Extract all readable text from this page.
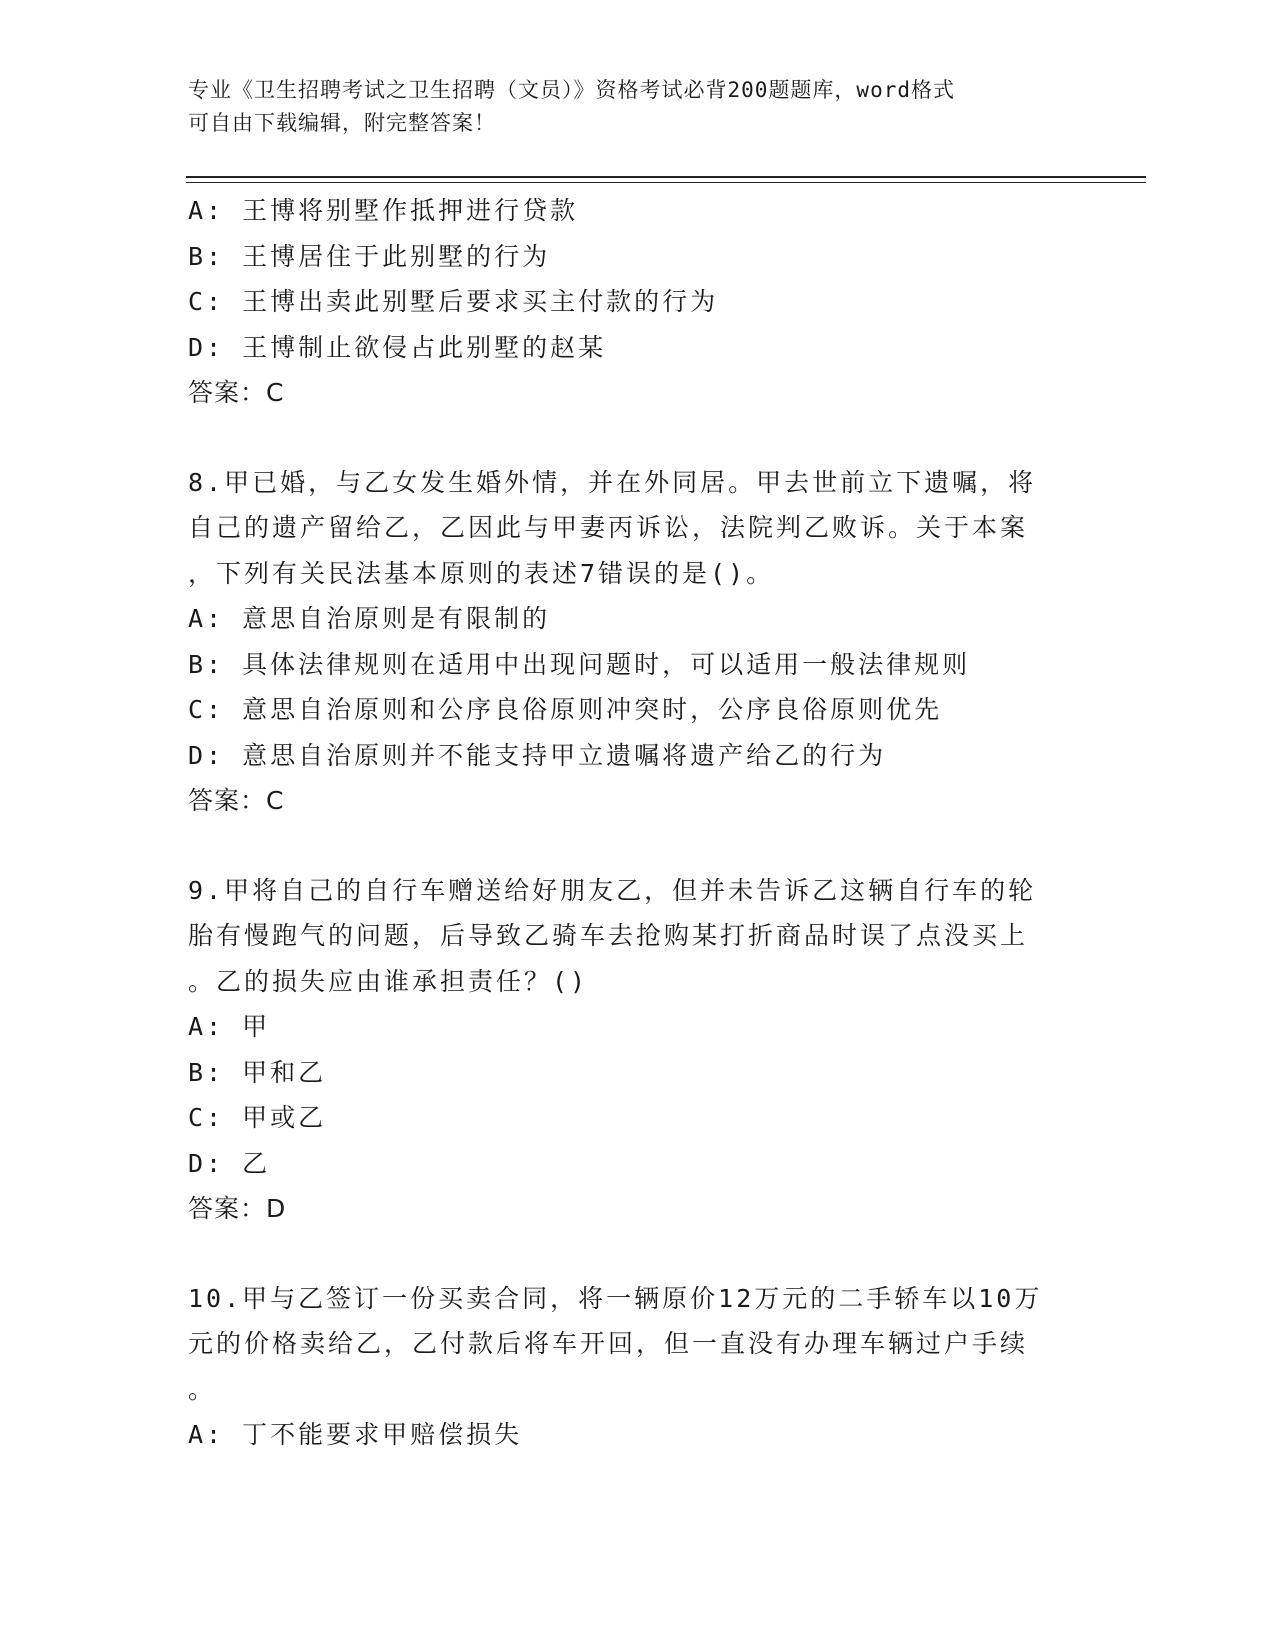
专业《卫生招聘考试之卫生招聘（文员）》资格考试必背200题题库，word格式
可自由下载编辑，附完整答案！
A: 王博将别墅作抵押进行贷款
B: 王博居住于此别墅的行为
C: 王博出卖此别墅后要求买主付款的行为
D: 王博制止欲侵占此别墅的赵某
答案：C
8.甲已婚，与乙女发生婚外情，并在外同居。甲去世前立下遗嘱，将
自己的遗产留给乙，乙因此与甲妻丙诉讼，法院判乙败诉。关于本案
，下列有关民法基本原则的表述7错误的是()。
A: 意思自治原则是有限制的
B: 具体法律规则在适用中出现问题时，可以适用一般法律规则
C: 意思自治原则和公序良俗原则冲突时，公序良俗原则优先
D: 意思自治原则并不能支持甲立遗嘱将遗产给乙的行为
答案：C
9.甲将自己的自行车赠送给好朋友乙，但并未告诉乙这辆自行车的轮
胎有慢跑气的问题，后导致乙骑车去抢购某打折商品时误了点没买上
。乙的损失应由谁承担责任？()
A: 甲
B: 甲和乙
C: 甲或乙
D: 乙
答案：D
10.甲与乙签订一份买卖合同，将一辆原价12万元的二手轿车以10万
元的价格卖给乙，乙付款后将车开回，但一直没有办理车辆过户手续
。
A: 丁不能要求甲赔偿损失
